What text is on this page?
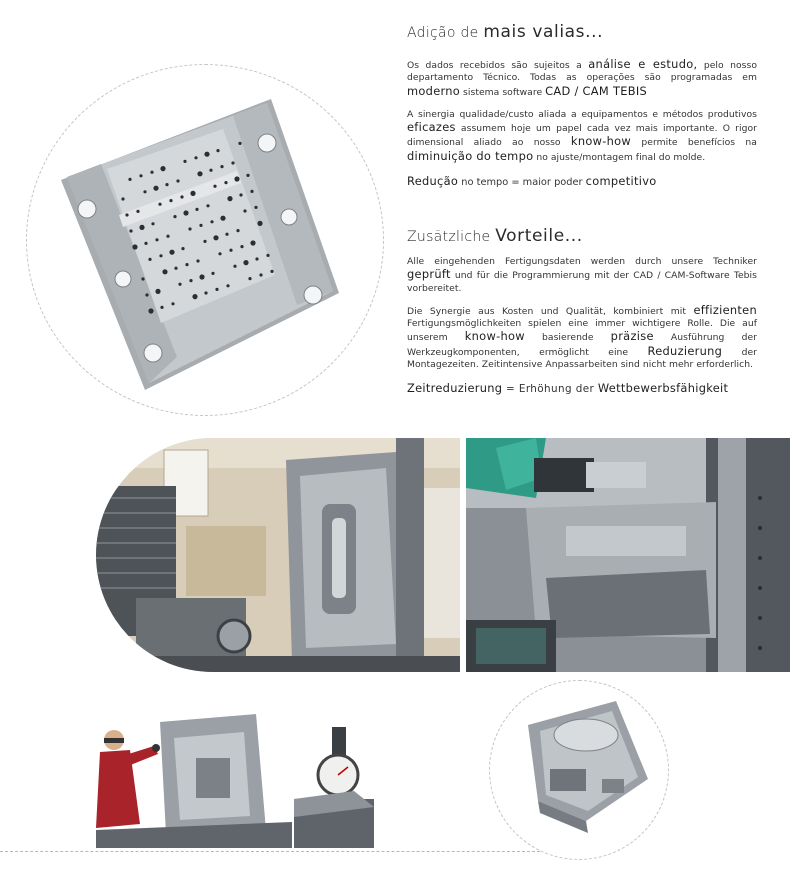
Adição de mais valias...

Os dados recebidos são sujeitos a análise e estudo, pelo nosso departamento Técnico. Todas as operações são programadas em moderno sistema software CAD / CAM TEBIS

A sinergia qualidade/custo aliada a equipamentos e métodos produtivos eficazes assumem hoje um papel cada vez mais importante. O rigor dimensional aliado ao nosso know-how permite benefícios na diminuição do tempo no ajuste/montagem final do molde.

Redução no tempo = maior poder competitivo

Zusätzliche Vorteile...

Alle eingehenden Fertigungsdaten werden durch unsere Techniker geprüft und für die Programmierung mit der CAD / CAM-Software Tebis vorbereitet.

Die Synergie aus Kosten und Qualität, kombiniert mit effizienten Fertigungsmöglichkeiten spielen eine immer wichtigere Rolle. Die auf unserem know-how basierende präzise Ausführung der Werkzeugkomponenten, ermöglicht eine Reduzierung der Montagezeiten. Zeitintensive Anpassarbeiten sind nicht mehr erforderlich.

Zeitreduzierung = Erhöhung der Wettbewerbsfähigkeit
